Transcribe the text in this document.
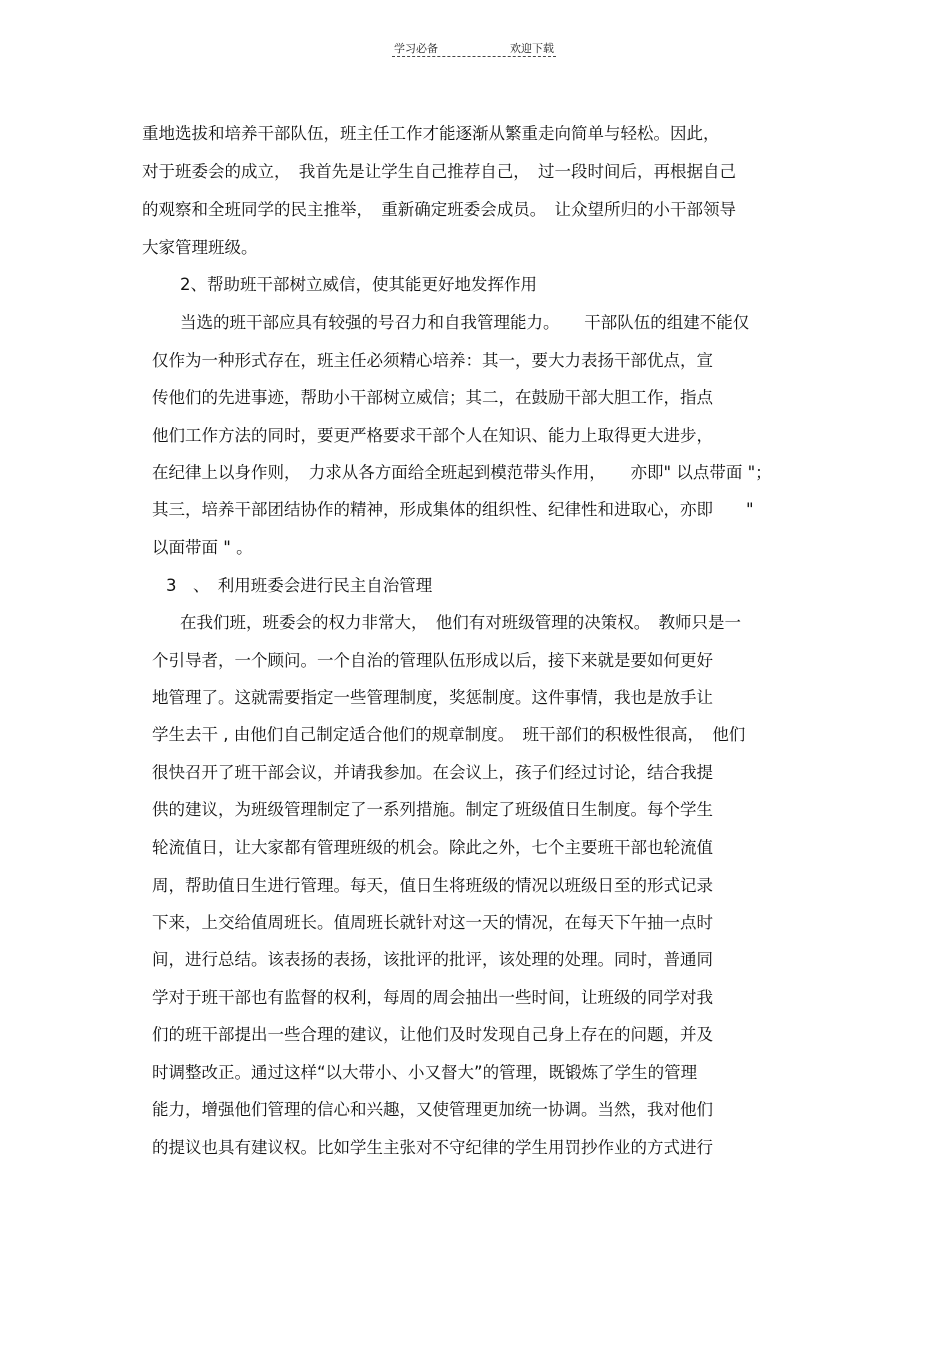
学习必备	欢迎下载
重地选拔和培养干部队伍，班主任工作才能逐渐从繁重走向简单与轻松。因此，
对于班委会的成立，　我首先是让学生自己推荐自己，　过一段时间后，再根据自己
的观察和全班同学的民主推举，　重新确定班委会成员。　让众望所归的小干部领导
大家管理班级。
2、帮助班干部树立威信，使其能更好地发挥作用
当选的班干部应具有较强的号召力和自我管理能力。　　干部队伍的组建不能仅
仅作为一种形式存在，班主任必须精心培养：其一，要大力表扬干部优点，宣
传他们的先进事迹，帮助小干部树立威信；其二，在鼓励干部大胆工作，指点
他们工作方法的同时，要更严格要求干部个人在知识、能力上取得更大进步，
在纪律上以身作则，　力求从各方面给全班起到模范带头作用，　　亦即" 以点带面 "；
其三，培养干部团结协作的精神，形成集体的组织性、纪律性和进取心，亦即　　"
以面带面 " 。
3　、　利用班委会进行民主自治管理
在我们班，班委会的权力非常大，　他们有对班级管理的决策权。　教师只是一
个引导者，一个顾问。一个自治的管理队伍形成以后，接下来就是要如何更好
地管理了。这就需要指定一些管理制度，奖惩制度。这件事情，我也是放手让
学生去干 , 由他们自己制定适合他们的规章制度。　班干部们的积极性很高，　他们
很快召开了班干部会议，并请我参加。在会议上，孩子们经过讨论，结合我提
供的建议，为班级管理制定了一系列措施。制定了班级值日生制度。每个学生
轮流值日，让大家都有管理班级的机会。除此之外，七个主要班干部也轮流值
周，帮助值日生进行管理。每天，值日生将班级的情况以班级日至的形式记录
下来，上交给值周班长。值周班长就针对这一天的情况，在每天下午抽一点时
间，进行总结。该表扬的表扬，该批评的批评，该处理的处理。同时，普通同
学对于班干部也有监督的权利，每周的周会抽出一些时间，让班级的同学对我
们的班干部提出一些合理的建议，让他们及时发现自己身上存在的问题，并及
时调整改正。通过这样“以大带小、小又督大”的管理，既锻炼了学生的管理
能力，增强他们管理的信心和兴趣，又使管理更加统一协调。当然，我对他们
的提议也具有建议权。比如学生主张对不守纪律的学生用罚抄作业的方式进行
